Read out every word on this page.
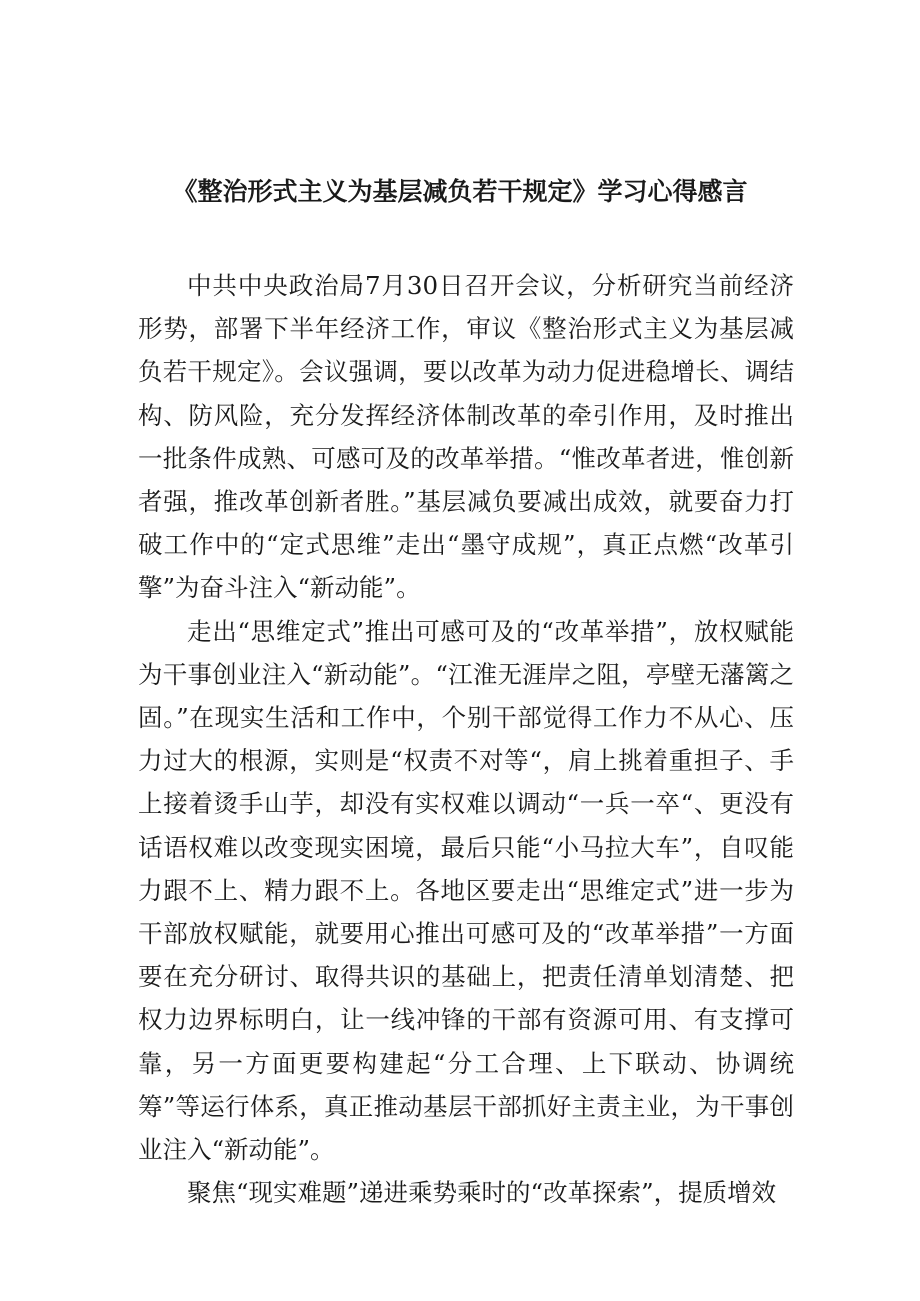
《整治形式主义为基层减负若干规定》学习心得感言

中共中央政治局7月30日召开会议，分析研究当前经济形势，部署下半年经济工作，审议《整治形式主义为基层减负若干规定》。会议强调，要以改革为动力促进稳增长、调结构、防风险，充分发挥经济体制改革的牵引作用，及时推出一批条件成熟、可感可及的改革举措。“惟改革者进，惟创新者强，推改革创新者胜。”基层减负要减出成效，就要奋力打破工作中的“定式思维”走出“墨守成规”，真正点燃“改革引擎”为奋斗注入“新动能”。

走出“思维定式”推出可感可及的“改革举措”，放权赋能为干事创业注入“新动能”。“江淮无涯岸之阻，亭壁无藩篱之固。”在现实生活和工作中，个别干部觉得工作力不从心、压力过大的根源，实则是“权责不对等“，肩上挑着重担子、手上接着烫手山芋，却没有实权难以调动“一兵一卒“、更没有话语权难以改变现实困境，最后只能“小马拉大车”，自叹能力跟不上、精力跟不上。各地区要走出“思维定式”进一步为干部放权赋能，就要用心推出可感可及的“改革举措”一方面要在充分研讨、取得共识的基础上，把责任清单划清楚、把权力边界标明白，让一线冲锋的干部有资源可用、有支撑可靠，另一方面更要构建起“分工合理、上下联动、协调统筹”等运行体系，真正推动基层干部抓好主责主业，为干事创业注入“新动能”。

聚焦“现实难题”递进乘势乘时的“改革探索”，提质增效
